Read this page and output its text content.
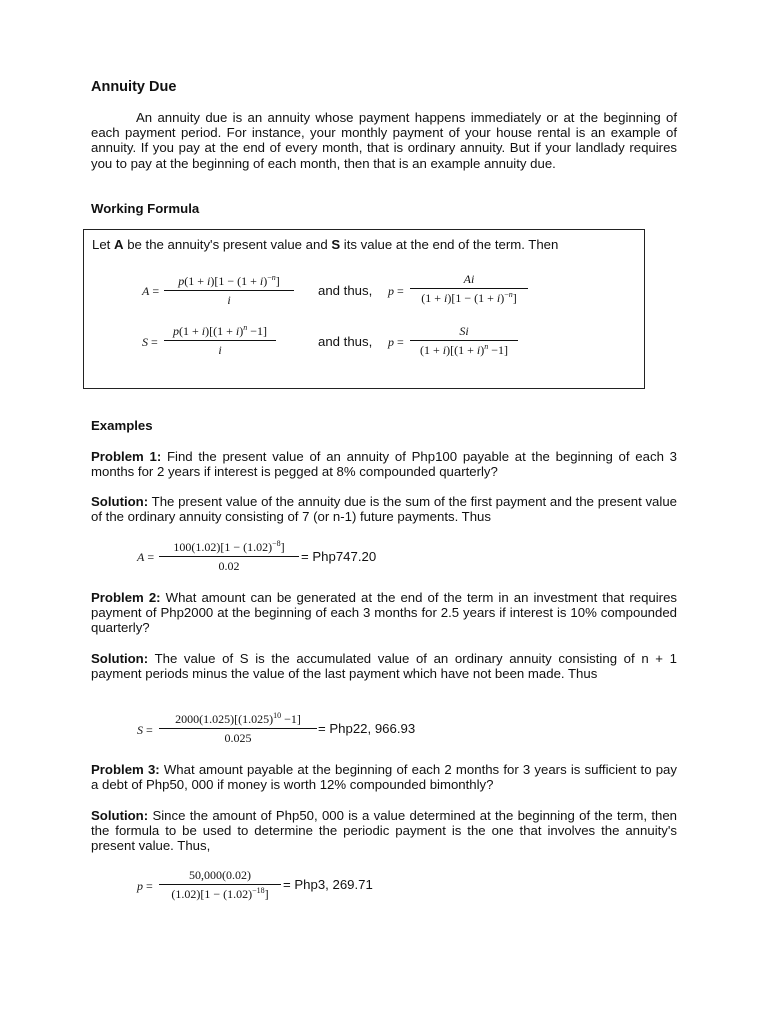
Annuity Due

An annuity due is an annuity whose payment happens immediately or at the beginning of each payment period. For instance, your monthly payment of your house rental is an example of annuity. If you pay at the end of every month, that is ordinary annuity. But if your landlady requires you to pay at the beginning of each month, then that is an example annuity due.

Working Formula
Let A be the annuity's present value and S its value at the end of the term. Then
$A = \frac{p(1 + i)[1 - (1 + i)^{-n}]}{i}$ and thus, $p = \frac{Ai}{(1 + i)[1 - (1 + i)^{-n}]}$
$S = \frac{p(1 + i)[(1 + i)^n -1]}{i}$	and thus, $p = \frac{Si}{(1 + i)[(1 + i)^n -1]}$
Examples

Problem 1: Find the present value of an annuity of Php100 payable at the beginning of each 3 months for 2 years if interest is pegged at 8% compounded quarterly?

Solution: The present value of the annuity due is the sum of the first payment and the present value of the ordinary annuity consisting of 7 (or n-1) future payments. Thus

$A = \frac{100(1.02)[1 - (1.02)^{-8}]}{0.02} = Php747.20$

Problem 2: What amount can be generated at the end of the term in an investment that requires payment of Php2000 at the beginning of each 3 months for 2.5 years if interest is 10% compounded quarterly?

Solution: The value of S is the accumulated value of an ordinary annuity consisting of n + 1 payment periods minus the value of the last payment which have not been made. Thus

$S = \frac{2000(1.025)[(1.025)^{10} -1]}{0.025} = Php22$, 966.93

Problem 3: What amount payable at the beginning of each 2 months for 3 years is sufficient to pay a debt of Php50, 000 if money is worth 12% compounded bimonthly?

Solution: Since the amount of Php50, 000 is a value determined at the beginning of the term, then the formula to be used to determine the periodic payment is the one that involves the annuity's present value. Thus,

$p = \frac{50,000(0.02)}{(1.02)[1 - (1.02)^{-18}]} = Php3$, 269.71
